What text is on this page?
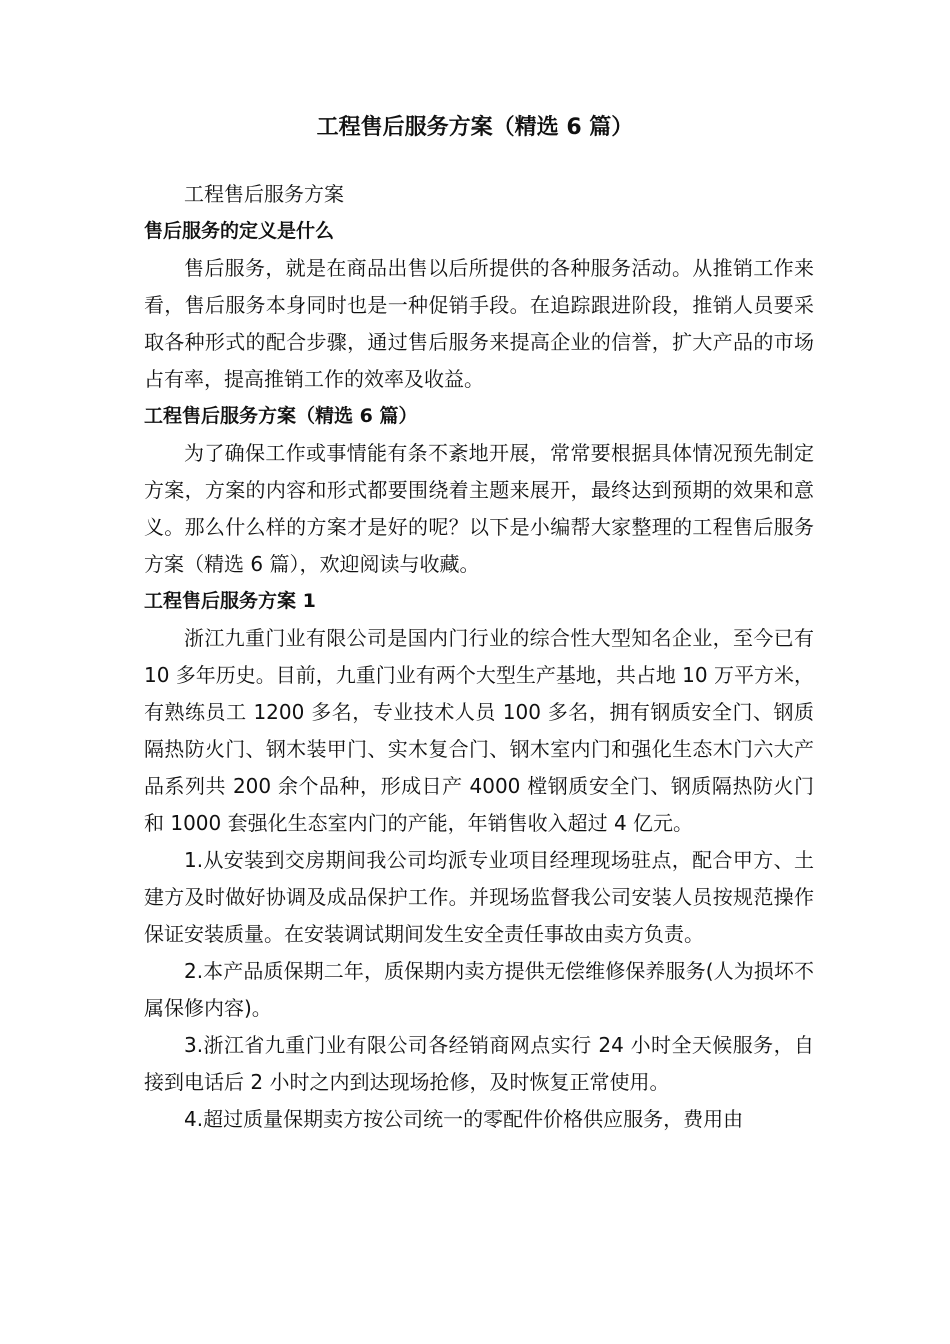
工程售后服务方案（精选 6 篇）

工程售后服务方案

售后服务的定义是什么

售后服务，就是在商品出售以后所提供的各种服务活动。从推销工作来看，售后服务本身同时也是一种促销手段。在追踪跟进阶段，推销人员要采取各种形式的配合步骤，通过售后服务来提高企业的信誉，扩大产品的市场占有率，提高推销工作的效率及收益。

工程售后服务方案（精选 6 篇）

为了确保工作或事情能有条不紊地开展，常常要根据具体情况预先制定方案，方案的内容和形式都要围绕着主题来展开，最终达到预期的效果和意义。那么什么样的方案才是好的呢？以下是小编帮大家整理的工程售后服务方案（精选 6 篇），欢迎阅读与收藏。

工程售后服务方案 1

浙江九重门业有限公司是国内门行业的综合性大型知名企业，至今已有 10 多年历史。目前，九重门业有两个大型生产基地，共占地 10 万平方米，有熟练员工 1200 多名，专业技术人员 100 多名，拥有钢质安全门、钢质隔热防火门、钢木装甲门、实木复合门、钢木室内门和强化生态木门六大产品系列共 200 余个品种，形成日产 4000 樘钢质安全门、钢质隔热防火门和 1000 套强化生态室内门的产能，年销售收入超过 4 亿元。

1.从安装到交房期间我公司均派专业项目经理现场驻点，配合甲方、土建方及时做好协调及成品保护工作。并现场监督我公司安装人员按规范操作保证安装质量。在安装调试期间发生安全责任事故由卖方负责。

2.本产品质保期二年，质保期内卖方提供无偿维修保养服务(人为损坏不属保修内容)。

3.浙江省九重门业有限公司各经销商网点实行 24 小时全天候服务，自接到电话后 2 小时之内到达现场抢修，及时恢复正常使用。

4.超过质量保期卖方按公司统一的零配件价格供应服务，费用由
